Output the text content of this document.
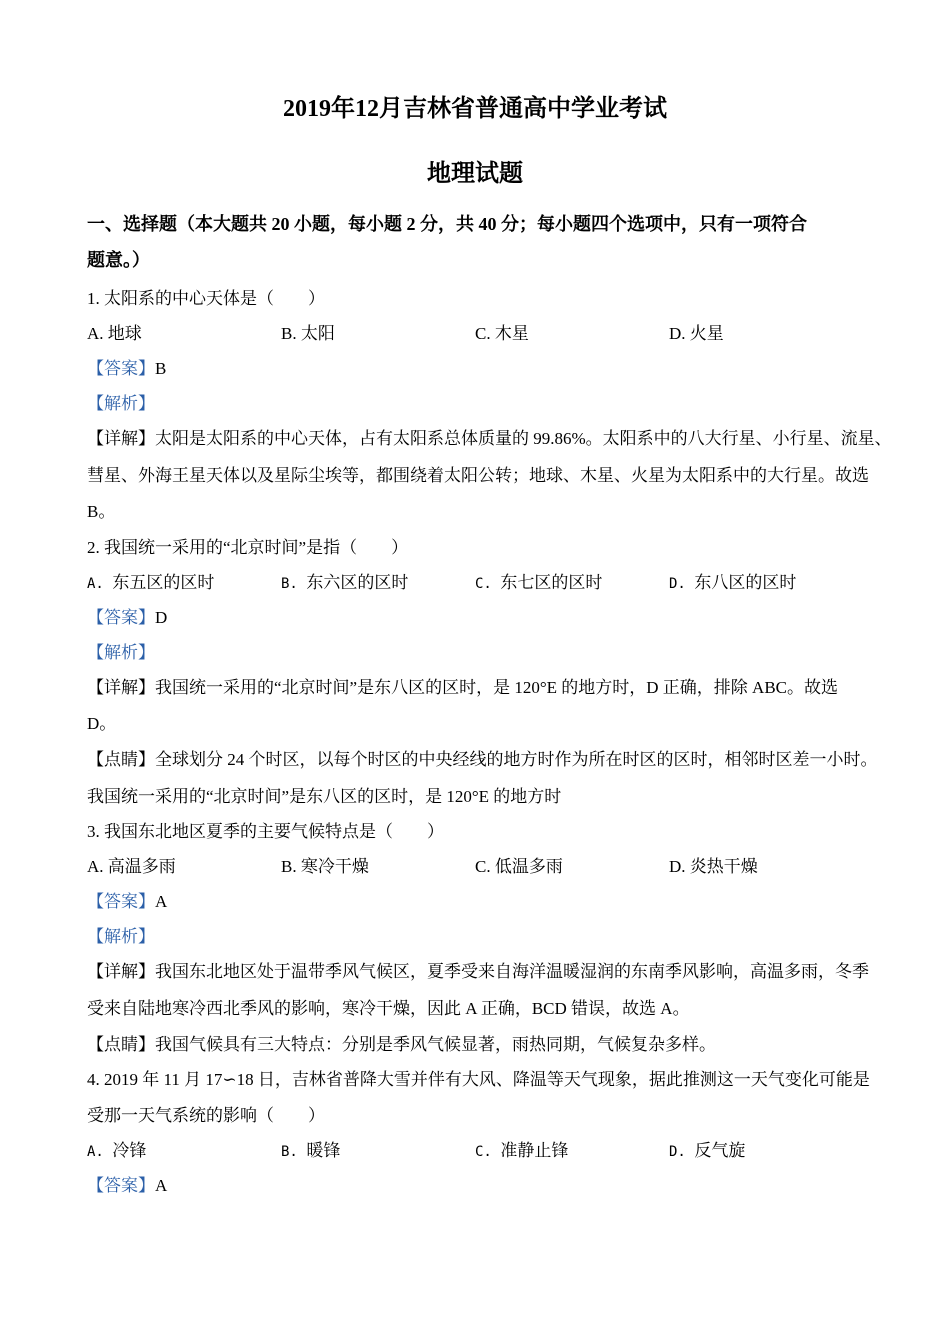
2019年12月吉林省普通高中学业考试
地理试题
一、选择题（本大题共 20 小题，每小题 2 分，共 40 分；每小题四个选项中，只有一项符合
题意。）
1. 太阳系的中心天体是（　　）
A. 地球	B. 太阳	C. 木星	D. 火星
【答案】B
【解析】
【详解】太阳是太阳系的中心天体，占有太阳系总体质量的 99.86%。太阳系中的八大行星、小行星、流星、
彗星、外海王星天体以及星际尘埃等，都围绕着太阳公转；地球、木星、火星为太阳系中的大行星。故选
B。
2. 我国统一采用的“北京时间”是指（　　）
A. 东五区的区时	B. 东六区的区时	C. 东七区的区时	D. 东八区的区时
【答案】D
【解析】
【详解】我国统一采用的“北京时间”是东八区的区时，是 120°E 的地方时，D 正确，排除 ABC。故选
D。
【点睛】全球划分 24 个时区，以每个时区的中央经线的地方时作为所在时区的区时，相邻时区差一小时。
我国统一采用的“北京时间”是东八区的区时，是 120°E 的地方时
3. 我国东北地区夏季的主要气候特点是（　　）
A. 高温多雨	B. 寒冷干燥	C. 低温多雨	D. 炎热干燥
【答案】A
【解析】
【详解】我国东北地区处于温带季风气候区，夏季受来自海洋温暖湿润的东南季风影响，高温多雨，冬季
受来自陆地寒冷西北季风的影响，寒冷干燥，因此 A 正确，BCD 错误，故选 A。
【点睛】我国气候具有三大特点：分别是季风气候显著，雨热同期，气候复杂多样。
4. 2019 年 11 月 17∽18 日，吉林省普降大雪并伴有大风、降温等天气现象，据此推测这一天气变化可能是
受那一天气系统的影响（　　）
A. 冷锋	B. 暖锋	C. 准静止锋	D. 反气旋
【答案】A
